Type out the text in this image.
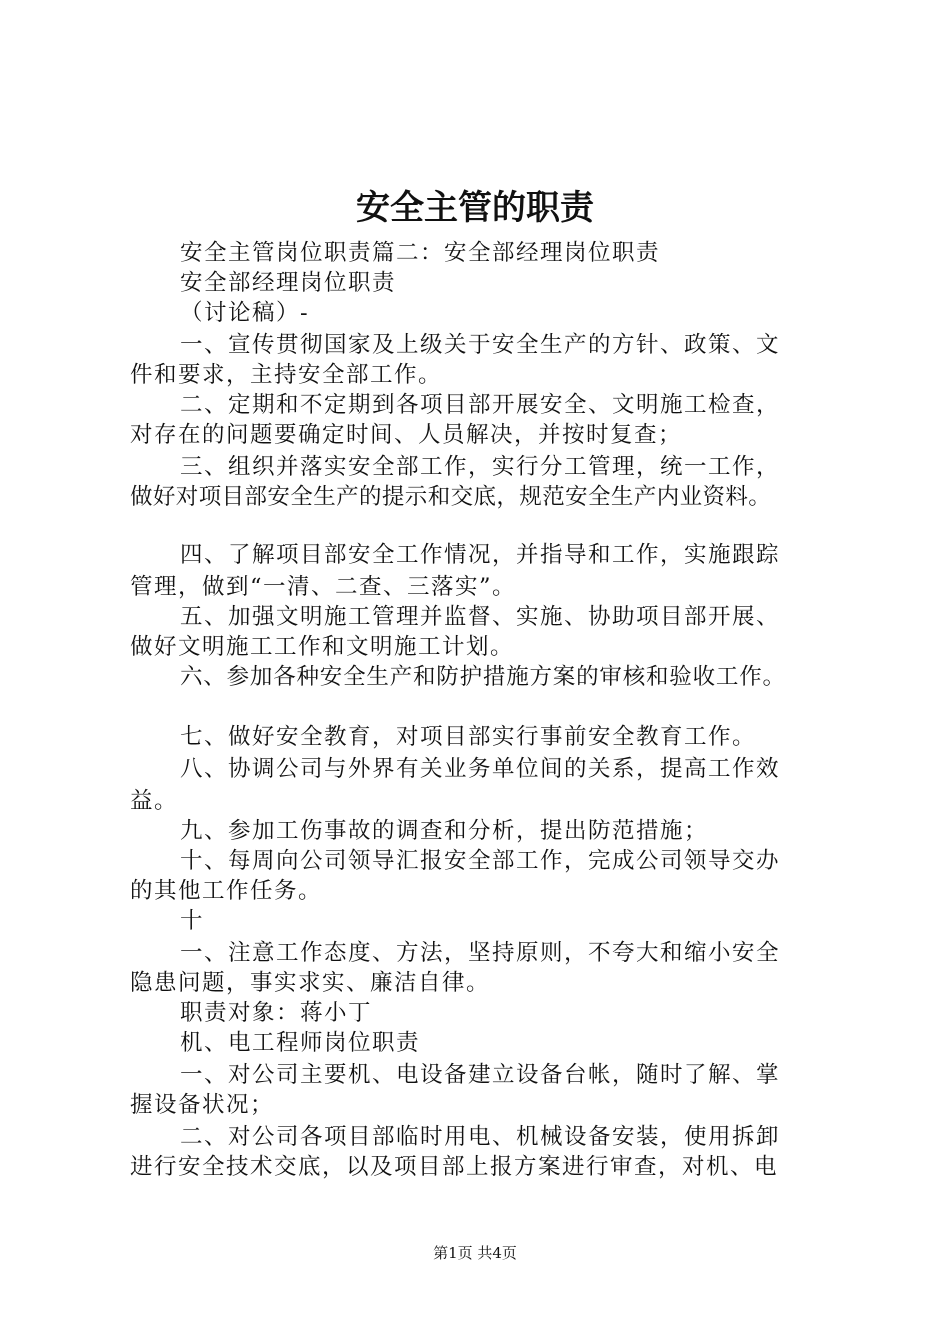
安全主管的职责
安全主管岗位职责篇二：安全部经理岗位职责
安全部经理岗位职责
（讨论稿）-
一、宣传贯彻国家及上级关于安全生产的方针、政策、文
件和要求，主持安全部工作。
二、定期和不定期到各项目部开展安全、文明施工检查，
对存在的问题要确定时间、人员解决，并按时复查；
三、组织并落实安全部工作，实行分工管理，统一工作，
做好对项目部安全生产的提示和交底，规范安全生产内业资料。
四、了解项目部安全工作情况，并指导和工作，实施跟踪
管理，做到“一清、二查、三落实”。
五、加强文明施工管理并监督、实施、协助项目部开展、
做好文明施工工作和文明施工计划。
六、参加各种安全生产和防护措施方案的审核和验收工作。
七、做好安全教育，对项目部实行事前安全教育工作。
八、协调公司与外界有关业务单位间的关系，提高工作效
益。
九、参加工伤事故的调查和分析，提出防范措施；
十、每周向公司领导汇报安全部工作，完成公司领导交办
的其他工作任务。
十
一、注意工作态度、方法，坚持原则，不夸大和缩小安全
隐患问题，事实求实、廉洁自律。
职责对象：蒋小丁
机、电工程师岗位职责
一、对公司主要机、电设备建立设备台帐，随时了解、掌
握设备状况；
二、对公司各项目部临时用电、机械设备安装，使用拆卸
进行安全技术交底，以及项目部上报方案进行审查，对机、电
第1页 共4页
